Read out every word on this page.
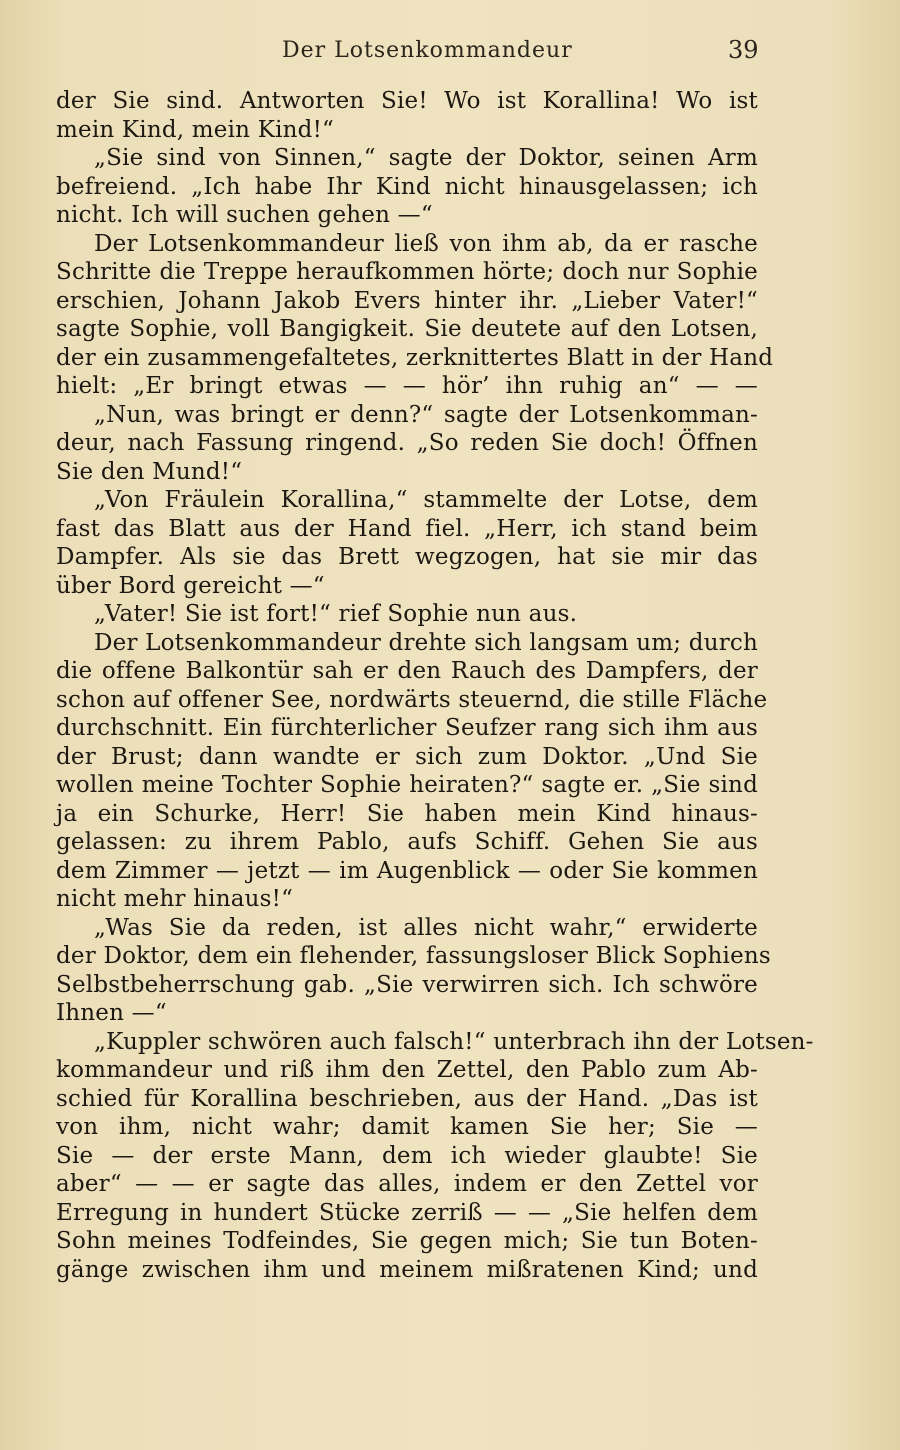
Der Lotsenkommandeur	39
der Sie sind. Antworten Sie! Wo ist Korallina! Wo ist
mein Kind, mein Kind!“
„Sie sind von Sinnen,“ sagte der Doktor, seinen Arm
befreiend. „Ich habe Ihr Kind nicht hinausgelassen; ich
nicht. Ich will suchen gehen —“
Der Lotsenkommandeur ließ von ihm ab, da er rasche
Schritte die Treppe heraufkommen hörte; doch nur Sophie
erschien, Johann Jakob Evers hinter ihr. „Lieber Vater!“
sagte Sophie, voll Bangigkeit. Sie deutete auf den Lotsen,
der ein zusammengefaltetes, zerknittertes Blatt in der Hand
hielt: „Er bringt etwas — — hör’ ihn ruhig an“ — —
„Nun, was bringt er denn?“ sagte der Lotsenkomman-
deur, nach Fassung ringend. „So reden Sie doch! Öffnen
Sie den Mund!“
„Von Fräulein Korallina,“ stammelte der Lotse, dem
fast das Blatt aus der Hand fiel. „Herr, ich stand beim
Dampfer. Als sie das Brett wegzogen, hat sie mir das
über Bord gereicht —“
„Vater! Sie ist fort!“ rief Sophie nun aus.
Der Lotsenkommandeur drehte sich langsam um; durch
die offene Balkontür sah er den Rauch des Dampfers, der
schon auf offener See, nordwärts steuernd, die stille Fläche
durchschnitt. Ein fürchterlicher Seufzer rang sich ihm aus
der Brust; dann wandte er sich zum Doktor. „Und Sie
wollen meine Tochter Sophie heiraten?“ sagte er. „Sie sind
ja ein Schurke, Herr! Sie haben mein Kind hinaus-
gelassen: zu ihrem Pablo, aufs Schiff. Gehen Sie aus
dem Zimmer — jetzt — im Augenblick — oder Sie kommen
nicht mehr hinaus!“
„Was Sie da reden, ist alles nicht wahr,“ erwiderte
der Doktor, dem ein flehender, fassungsloser Blick Sophiens
Selbstbeherrschung gab. „Sie verwirren sich. Ich schwöre
Ihnen —“
„Kuppler schwören auch falsch!“ unterbrach ihn der Lotsen-
kommandeur und riß ihm den Zettel, den Pablo zum Ab-
schied für Korallina beschrieben, aus der Hand. „Das ist
von ihm, nicht wahr; damit kamen Sie her; Sie —
Sie — der erste Mann, dem ich wieder glaubte! Sie
aber“ — — er sagte das alles, indem er den Zettel vor
Erregung in hundert Stücke zerriß — — „Sie helfen dem
Sohn meines Todfeindes, Sie gegen mich; Sie tun Boten-
gänge zwischen ihm und meinem mißratenen Kind; und
